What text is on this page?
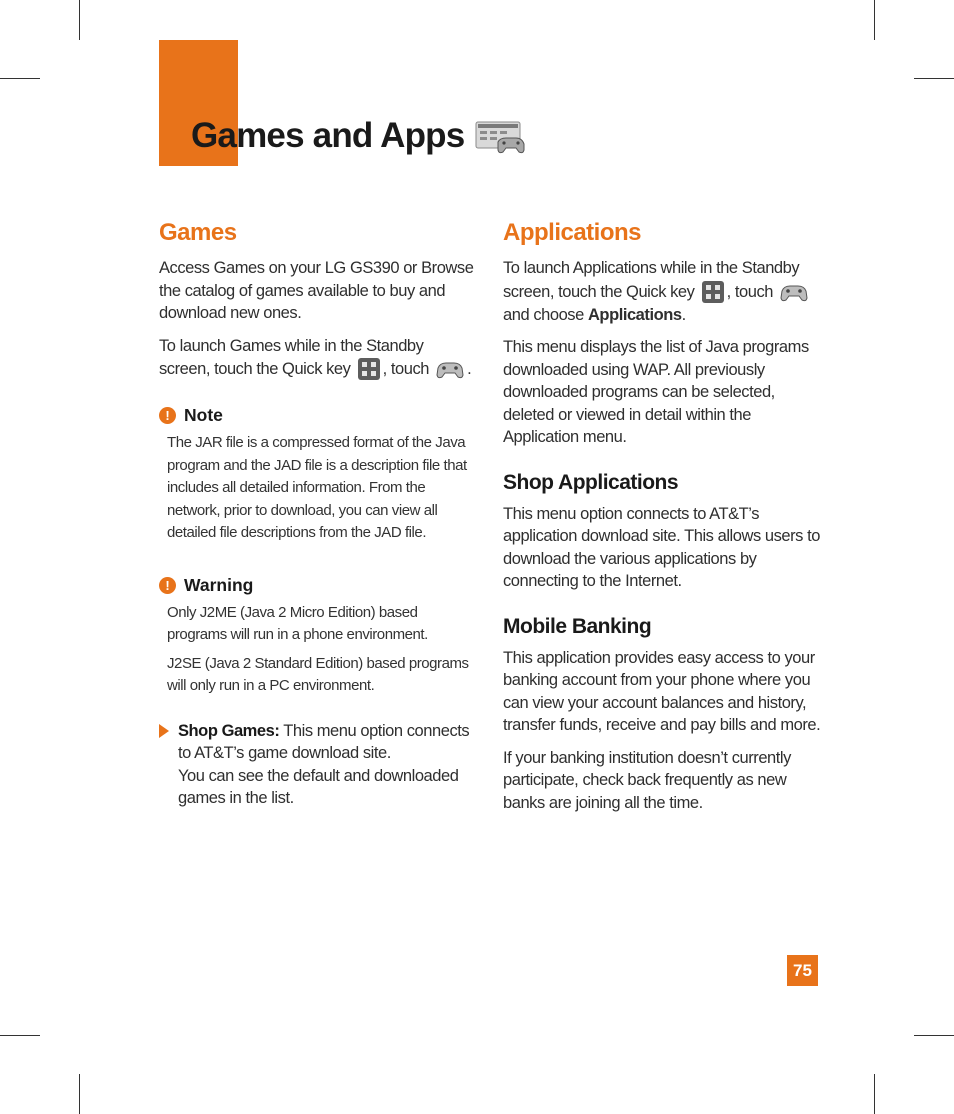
Games and Apps
Games

Access Games on your LG GS390 or Browse the catalog of games available to buy and download new ones.

To launch Games while in the Standby screen, touch the Quick key , touch .

! Note

The JAR file is a compressed format of the Java program and the JAD file is a description file that includes all detailed information. From the network, prior to download, you can view all detailed file descriptions from the JAD file.

! Warning

Only J2ME (Java 2 Micro Edition) based programs will run in a phone environment.

J2SE (Java 2 Standard Edition) based programs will only run in a PC environment.

Shop Games: This menu option connects to AT&T’s game download site.
You can see the default and downloaded games in the list.
Applications

To launch Applications while in the Standby screen, touch the Quick key , touch  and choose Applications.

This menu displays the list of Java programs downloaded using WAP. All previously downloaded programs can be selected, deleted or viewed in detail within the Application menu.

Shop Applications

This menu option connects to AT&T’s application download site. This allows users to download the various applications by connecting to the Internet.

Mobile Banking

This application provides easy access to your banking account from your phone where you can view your account balances and history, transfer funds, receive and pay bills and more.

If your banking institution doesn’t currently participate, check back frequently as new banks are joining all the time.

75
